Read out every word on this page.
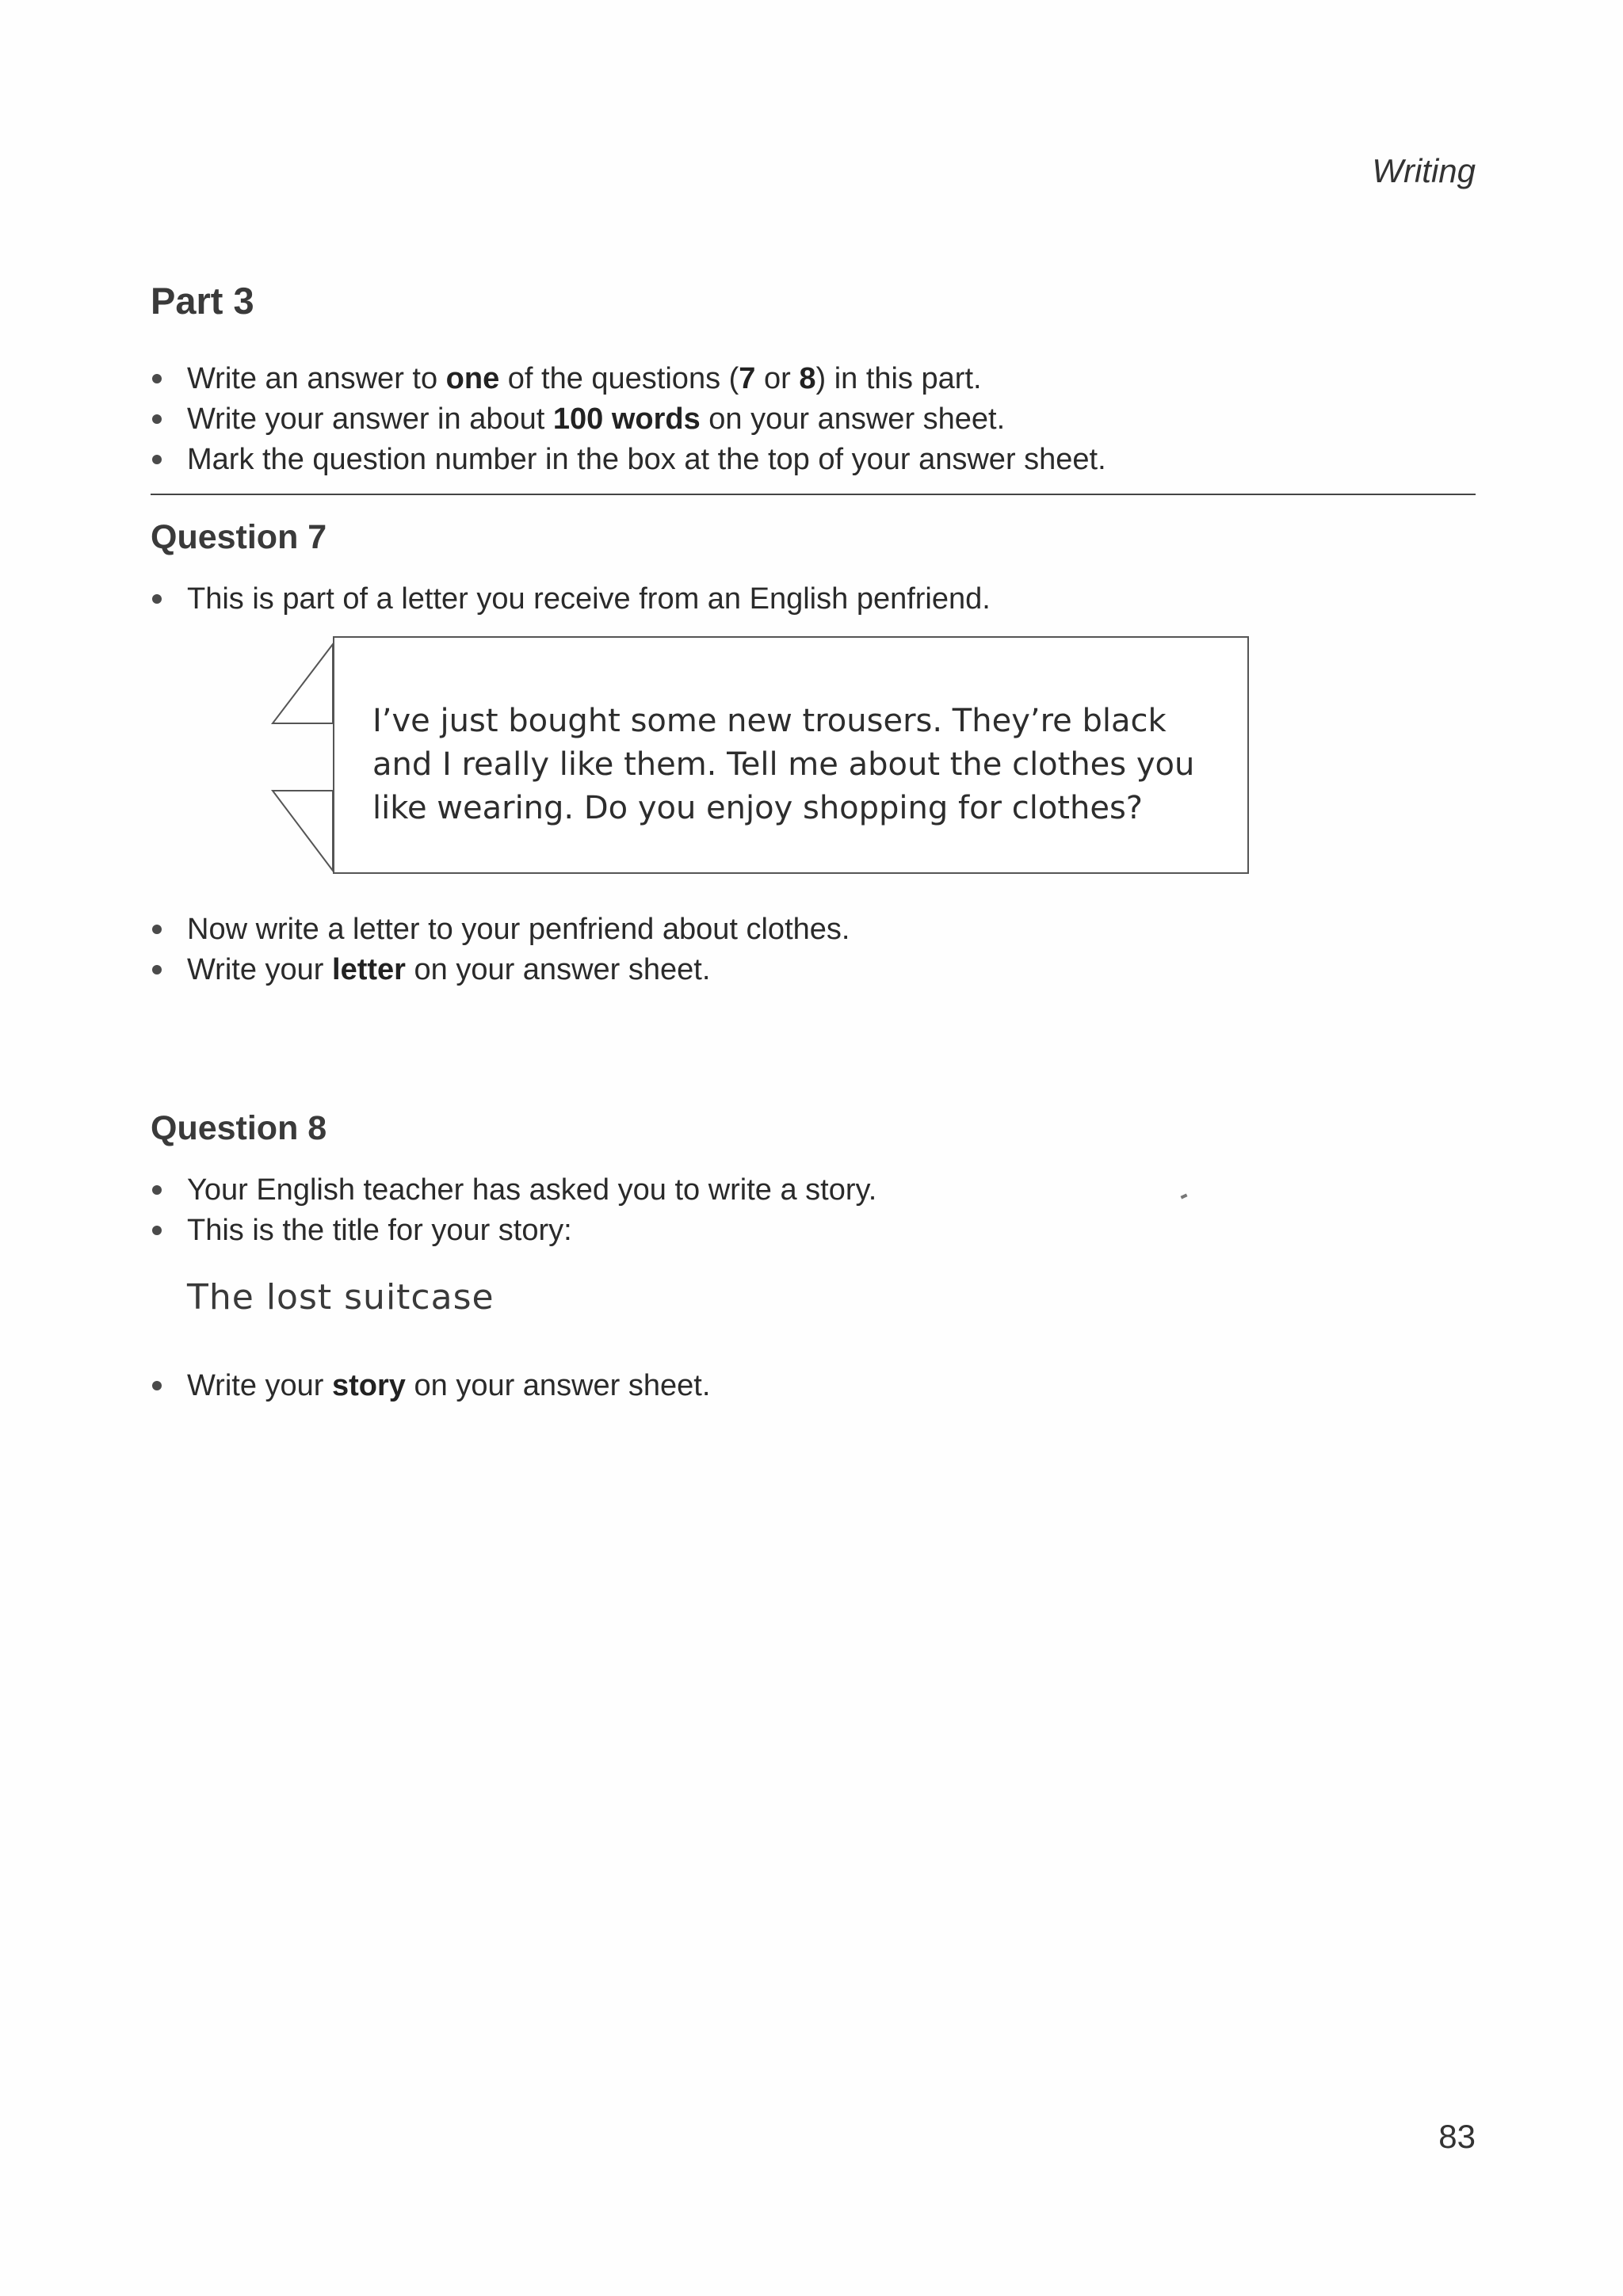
Writing
Part 3
Write an answer to one of the questions (7 or 8) in this part.
Write your answer in about 100 words on your answer sheet.
Mark the question number in the box at the top of your answer sheet.
Question 7
This is part of a letter you receive from an English penfriend.
I’ve just bought some new trousers. They’re black
and I really like them. Tell me about the clothes you
like wearing. Do you enjoy shopping for clothes?
Now write a letter to your penfriend about clothes.
Write your letter on your answer sheet.
Question 8
Your English teacher has asked you to write a story.
This is the title for your story:
The lost suitcase
Write your story on your answer sheet.
83
